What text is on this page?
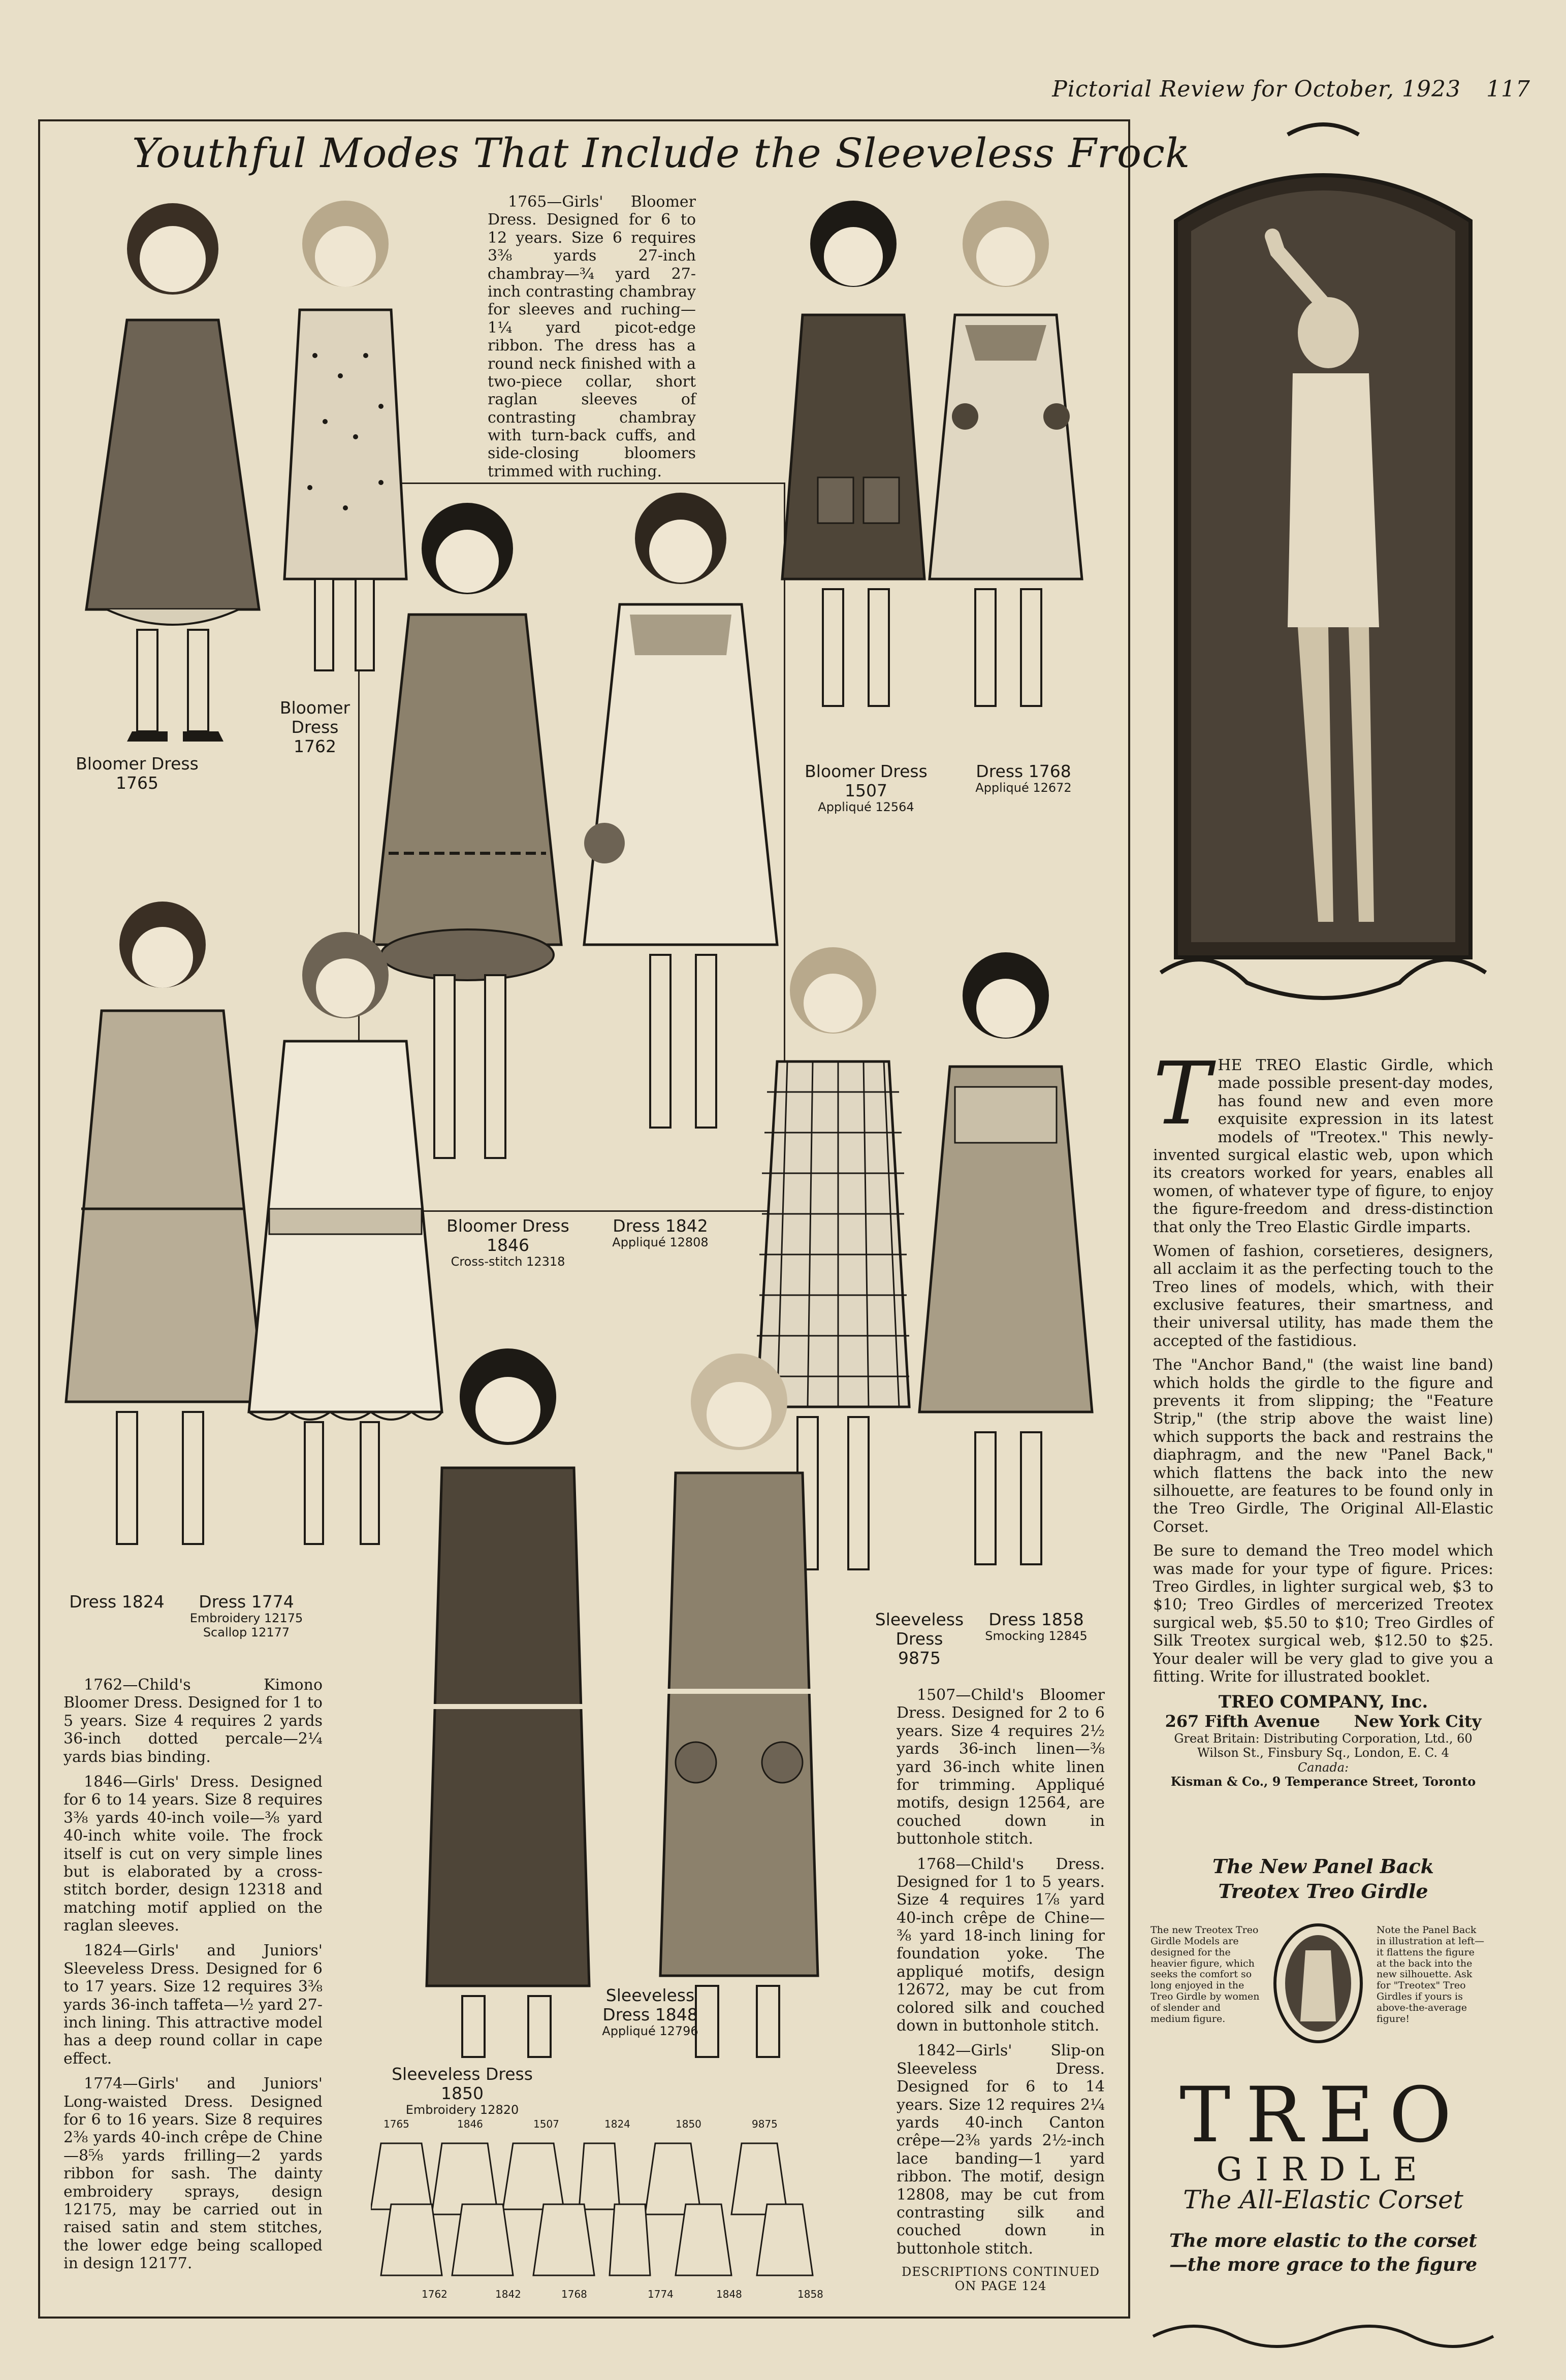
Pictorial Review for October, 1923 117
Youthful Modes That Include the Sleeveless Frock
1765	1846	1507	1824	1850	9875
1762	1842	1768	1774	1848	1858
Bloomer Dress
1765
Bloomer Dress
1762
Bloomer Dress
1507
Appliqué 12564
Dress 1768
Appliqué 12672
Bloomer Dress
1846
Cross-stitch 12318
Dress 1842
Appliqué 12808
Dress 1824	Dress 1774
Embroidery 12175
Scallop 12177
Sleeveless
Dress 9875
Dress 1858
Smocking 12845
Sleeveless
Dress 1848
Appliqué 12796
Sleeveless Dress
1850
Embroidery 12820

1765—Girls' Bloomer Dress. Designed for 6 to 12 years. Size 6 requires 3⅜ yards 27-inch chambray—¾ yard 27-inch contrasting chambray for sleeves and ruching—1¼ yard picot-edge ribbon. The dress has a round neck finished with a two-piece collar, short raglan sleeves of contrasting chambray with turn-back cuffs, and side-closing bloomers trimmed with ruching.

1762—Child's Kimono Bloomer Dress. Designed for 1 to 5 years. Size 4 requires 2 yards 36-inch dotted percale—2¼ yards bias binding.

1846—Girls' Dress. Designed for 6 to 14 years. Size 8 requires 3⅜ yards 40-inch voile—⅜ yard 40-inch white voile. The frock itself is cut on very simple lines but is elaborated by a cross-stitch border, design 12318 and matching motif applied on the raglan sleeves.

1824—Girls' and Juniors' Sleeveless Dress. Designed for 6 to 17 years. Size 12 requires 3⅜ yards 36-inch taffeta—½ yard 27-inch lining. This attractive model has a deep round collar in cape effect.

1774—Girls' and Juniors' Long-waisted Dress. Designed for 6 to 16 years. Size 8 requires 2⅜ yards 40-inch crêpe de Chine—8⅝ yards frilling—2 yards ribbon for sash. The dainty embroidery sprays, design 12175, may be carried out in raised satin and stem stitches, the lower edge being scalloped in design 12177.

1507—Child's Bloomer Dress. Designed for 2 to 6 years. Size 4 requires 2½ yards 36-inch linen—⅜ yard 36-inch white linen for trimming. Appliqué motifs, design 12564, are couched down in buttonhole stitch.

1768—Child's Dress. Designed for 1 to 5 years. Size 4 requires 1⅞ yard 40-inch crêpe de Chine—⅜ yard 18-inch lining for foundation yoke. The appliqué motifs, design 12672, may be cut from colored silk and couched down in buttonhole stitch.

1842—Girls' Slip-on Sleeveless Dress. Designed for 6 to 14 years. Size 12 requires 2¼ yards 40-inch Canton crêpe—2⅜ yards 2½-inch lace banding—1 yard ribbon. The motif, design 12808, may be cut from contrasting silk and couched down in buttonhole stitch.

DESCRIPTIONS CONTINUED ON PAGE 124

THE TREO Elastic Girdle, which made possible present-day modes, has found new and even more exquisite expression in its latest models of "Treotex." This newly-invented surgical elastic web, upon which its creators worked for years, enables all women, of whatever type of figure, to enjoy the figure-freedom and dress-distinction that only the Treo Elastic Girdle imparts.

Women of fashion, corsetieres, designers, all acclaim it as the perfecting touch to the Treo lines of models, which, with their exclusive features, their smartness, and their universal utility, has made them the accepted of the fastidious.

The "Anchor Band," (the waist line band) which holds the girdle to the figure and prevents it from slipping; the "Feature Strip," (the strip above the waist line) which supports the back and restrains the diaphragm, and the new "Panel Back," which flattens the back into the new silhouette, are features to be found only in the Treo Girdle, The Original All-Elastic Corset.

Be sure to demand the Treo model which was made for your type of figure. Prices: Treo Girdles, in lighter surgical web, $3 to $10; Treo Girdles of mercerized Treotex surgical web, $5.50 to $10; Treo Girdles of Silk Treotex surgical web, $12.50 to $25. Your dealer will be very glad to give you a fitting. Write for illustrated booklet.

TREO COMPANY, Inc.
267 Fifth Avenue      New York City
Great Britain: Distributing Corporation, Ltd., 60 Wilson St., Finsbury Sq., London, E. C. 4
Canada:
Kisman & Co., 9 Temperance Street, Toronto
The New Panel Back
Treotex Treo Girdle
The new Treotex Treo Girdle Models are designed for the heavier figure, which seeks the comfort so long enjoyed in the Treo Girdle by women of slender and medium figure.
Note the Panel Back in illustration at left—it flattens the figure at the back into the new silhouette. Ask for "Treotex" Treo Girdles if yours is above-the-average figure!
TREO
GIRDLE
The All-Elastic Corset
The more elastic to the corset
—the more grace to the figure
